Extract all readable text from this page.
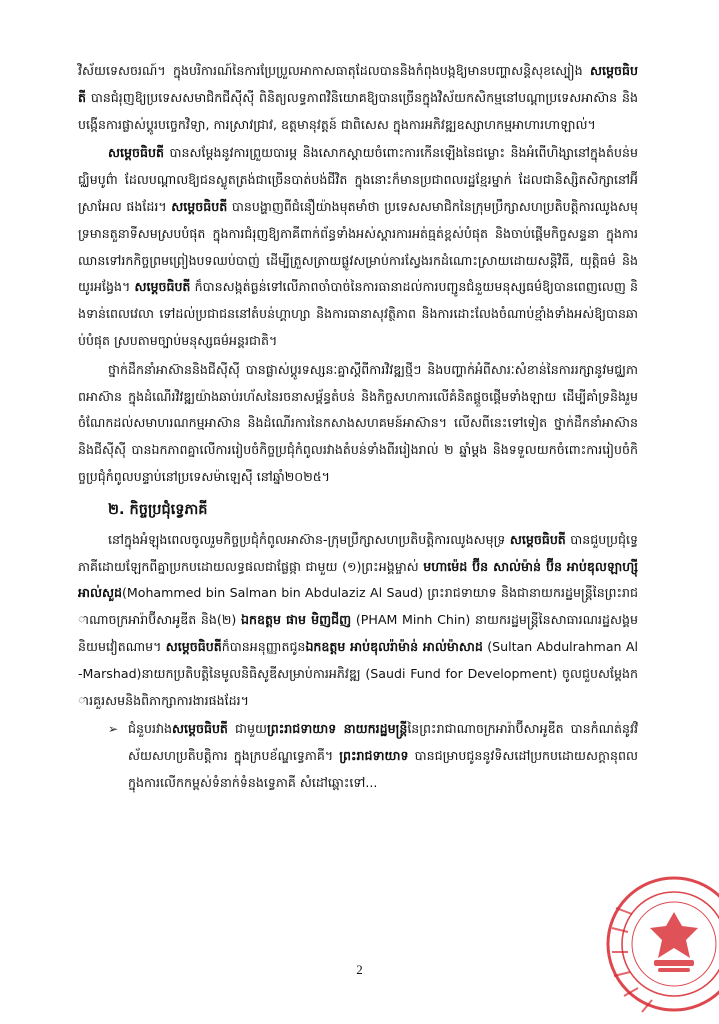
វិស័យទេសចរណ៍។ ក្នុងបរិការណ៍នៃការប្រែប្រួលអាកាសធាតុដែលបាននិងកំពុងបង្កឱ្យមានបញ្ហាសន្តិសុខស្បៀង សម្តេចធិបតី បានជំរុញឱ្យប្រទេសសមាជិកជីស៊ីស៊ី ពិនិត្យលទ្ធភាពវិនិយោគឱ្យបានច្រើនក្នុងវិស័យកសិកម្មនៅបណ្តាប្រទេសអាស៊ាន និងបង្កើនការផ្លាស់ប្តូរបច្ចេកវិទ្យា, ការស្រាវជ្រាវ, ឧត្តមានុវត្តន៍ ជាពិសេស ក្នុងការអភិវឌ្ឍឧស្សាហកម្មអាហារហាឡាល់។

សម្តេចធិបតី បានសម្តែងនូវការព្រួយបារម្ភ និងសោកស្តាយចំពោះការកើនឡើងនៃជម្លោះ និងអំពើហិង្សានៅក្នុងតំបន់មជ្ឈិមបូព៌ា ដែលបណ្តាលឱ្យជនស្លូតត្រង់ជាច្រើនបាត់បង់ជីវិត ក្នុងនោះក៏មានប្រជាពលរដ្ឋខ្មែរម្នាក់ ដែលជានិស្សិតសិក្សានៅអ៊ីស្រាអែល ផងដែរ។ សម្តេចធិបតី បានបង្ហាញពីជំនឿយ៉ាងមុតមាំថា ប្រទេសសមាជិកនៃក្រុមប្រឹក្សាសហប្រតិបត្តិការឈូងសមុទ្រមានតួនាទីសមស្របបំផុត ក្នុងការជំរុញឱ្យភាគីពាក់ព័ន្ធទាំងអស់ស្តារការអត់ធ្មត់ខ្ពស់បំផុត និងចាប់ផ្តើមកិច្ចសន្ទនា ក្នុងការឈានទៅរកកិច្ចព្រមព្រៀងបទឈប់បាញ់ ដើម្បីត្រួសត្រាយផ្លូវសម្រាប់ការស្វែងរកដំណោះស្រាយដោយសន្តិវិធី, យុត្តិធម៌ និងយូរអង្វែង។ សម្តេចធិបតី ក៏បានសង្កត់ធ្ងន់ទៅលើភាពចាំបាច់នៃការធានាដល់ការបញ្ជូនជំនួយមនុស្សធម៌ឱ្យបានពេញលេញ និងទាន់ពេលវេលា ទៅដល់ប្រជាជននៅតំបន់ហ្គាហ្សា និងការធានាសុវត្ថិភាព និងការដោះលែងចំណាប់ខ្មាំងទាំងអស់ឱ្យបានឆាប់បំផុត ស្របតាមច្បាប់មនុស្សធម៌អន្តរជាតិ។

ថ្នាក់ដឹកនាំអាស៊ាននិងជីស៊ីស៊ី បានផ្លាស់ប្តូរទស្សនៈគ្នាស្តីពីការវិវឌ្ឍថ្មីៗ និងបញ្ហាក់អំពីសារៈសំខាន់នៃការរក្សានូវមជ្ឈភាពអាស៊ាន ក្នុងដំណើរវិវឌ្ឍយ៉ាងឆាប់រហ័សនៃរចនាសម្ព័ន្ធតំបន់ និងកិច្ចសហការលើគំនិតផ្តួចផ្តើមទាំងឡាយ ដើម្បីគាំទ្រនិងរួមចំណែកដល់សមាហរណកម្មអាស៊ាន និងដំណើរការនៃកសាងសហគមន៍អាស៊ាន។ លើសពីនេះទៅទៀត ថ្នាក់ដឹកនាំអាស៊ាន និងជីស៊ីស៊ី បានឯកភាពគ្នាលើការរៀបចំកិច្ចប្រជុំកំពូលរវាងតំបន់ទាំងពីររៀងរាល់ ២ ឆ្នាំម្តង និងទទួលយកចំពោះការរៀបចំកិច្ចប្រជុំកំពូលបន្ទាប់នៅប្រទេសម៉ាឡេស៊ី នៅឆ្នាំ២០២៥។

២. កិច្ចប្រជុំទ្វេភាគី

នៅក្នុងអំឡុងពេលចូលរួមកិច្ចប្រជុំកំពូលអាស៊ាន-ក្រុមប្រឹក្សាសហប្រតិបត្តិការឈូងសមុទ្រ សម្តេចធិបតី បានជួបប្រជុំទ្វេភាគីដោយឡែកពីគ្នាប្រកបដោយលទ្ធផលជាផ្លែផ្កា ជាមួយ (១)ព្រះអង្គម្ចាស់ មហាម៉េដ ប៊ីន សាល់ម៉ាន់ ប៊ីន អាប់ឌុលឡាហ្ស៊ី អាល់សួដ(Mohammed bin Salman bin Abdulaziz Al Saud) ព្រះរាជទាយាទ និងជានាយករដ្ឋមន្ត្រីនៃព្រះរាជាណាចក្រអារ៉ាប៊ីសាអូឌីត និង(២) ឯកឧត្តម ផាម មិញជីញ (PHAM Minh Chin) នាយករដ្ឋមន្ត្រីនៃសាធារណរដ្ឋសង្គមនិយមវៀតណាម។ សម្តេចធិបតីក៏បានអនុញ្ញាតជូនឯកឧត្តម អាប់ឌុលរ៉ាម៉ាន់ អាល់ម៉ាសាដ (Sultan Abdulrahman Al-Marshad)នាយកប្រតិបត្តិនៃមូលនិធិសូឌីសម្រាប់ការអភិវឌ្ឍ (Saudi Fund for Development) ចូលជួបសម្តែងការគួរសមនិងពិភាក្សាការងារផងដែរ។

➢ ជំនួបរវាងសម្តេចធិបតី ជាមួយព្រះរាជទាយាទ នាយករដ្ឋមន្ត្រីនៃព្រះរាជាណាចក្រអារ៉ាប៊ីសាអូឌីត បានកំណត់នូវវិស័យសហប្រតិបត្តិការ ក្នុងក្របខ័ណ្ឌទ្វេភាគី។ ព្រះរាជទាយាទ បានជម្រាបជូននូវទិសដៅប្រកបដោយសក្តានុពលក្នុងការលើកកម្ពស់ទំនាក់ទំនងទ្វេភាគី សំដៅឆ្ពោះទៅ...

2
